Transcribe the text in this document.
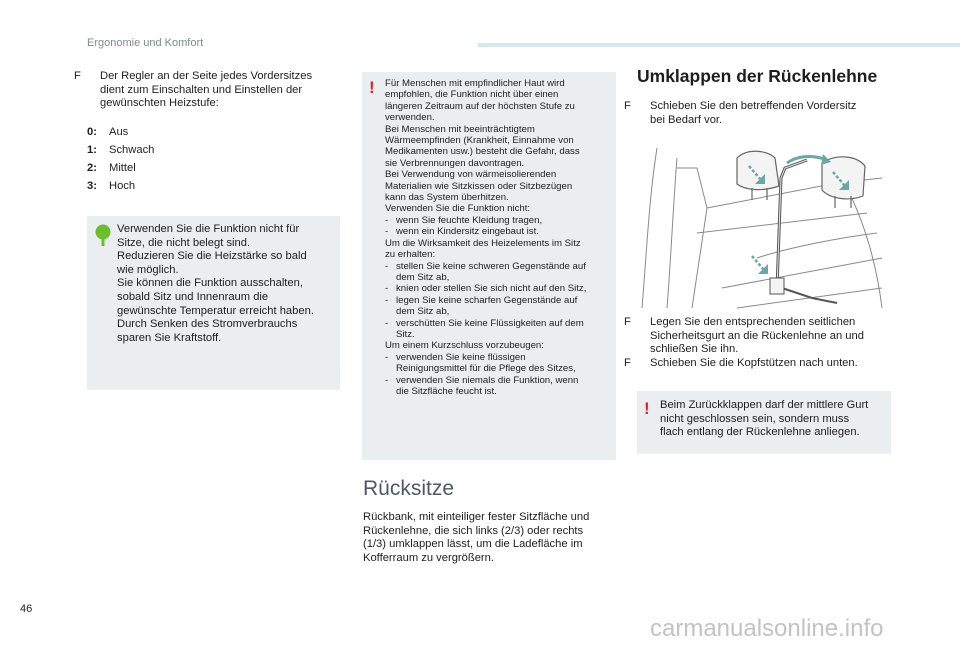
Ergonomie und Komfort

F Der Regler an der Seite jedes Vordersitzes dient zum Einschalten und Einstellen der gewünschten Heizstufe:

0: Aus
1: Schwach
2: Mittel
3: Hoch
Verwenden Sie die Funktion nicht für
Sitze, die nicht belegt sind.
Reduzieren Sie die Heizstärke so bald
wie möglich.
Sie können die Funktion ausschalten,
sobald Sitz und Innenraum die
gewünschte Temperatur erreicht haben.
Durch Senken des Stromverbrauchs
sparen Sie Kraftstoff.
! Für Menschen mit empfindlicher Haut wird
empfohlen, die Funktion nicht über einen
längeren Zeitraum auf der höchsten Stufe zu
verwenden.
Bei Menschen mit beeinträchtigtem
Wärmeempfinden (Krankheit, Einnahme von
Medikamenten usw.) besteht die Gefahr, dass
sie Verbrennungen davontragen.
Bei Verwendung von wärmeisolierenden
Materialien wie Sitzkissen oder Sitzbezügen
kann das System überhitzen.
Verwenden Sie die Funktion nicht:
- wenn Sie feuchte Kleidung tragen,
- wenn ein Kindersitz eingebaut ist.
Um die Wirksamkeit des Heizelements im Sitz
zu erhalten:
- stellen Sie keine schweren Gegenstände auf
dem Sitz ab,
- knien oder stellen Sie sich nicht auf den Sitz,
- legen Sie keine scharfen Gegenstände auf
dem Sitz ab,
- verschütten Sie keine Flüssigkeiten auf dem
Sitz.
Um einem Kurzschluss vorzubeugen:
- verwenden Sie keine flüssigen
Reinigungsmittel für die Pflege des Sitzes,
- verwenden Sie niemals die Funktion, wenn
die Sitzfläche feucht ist.
Rücksitze
Rückbank, mit einteiliger fester Sitzfläche und
Rückenlehne, die sich links (2/3) oder rechts
(1/3) umklappen lässt, um die Ladefläche im
Kofferraum zu vergrößern.
Umklappen der Rückenlehne

F Schieben Sie den betreffenden Vordersitz
bei Bedarf vor.

F Legen Sie den entsprechenden seitlichen
Sicherheitsgurt an die Rückenlehne an und
schließen Sie ihn.

F Schieben Sie die Kopfstützen nach unten.

! Beim Zurückklappen darf der mittlere Gurt
nicht geschlossen sein, sondern muss
flach entlang der Rückenlehne anliegen.
46
carmanualsonline.info
